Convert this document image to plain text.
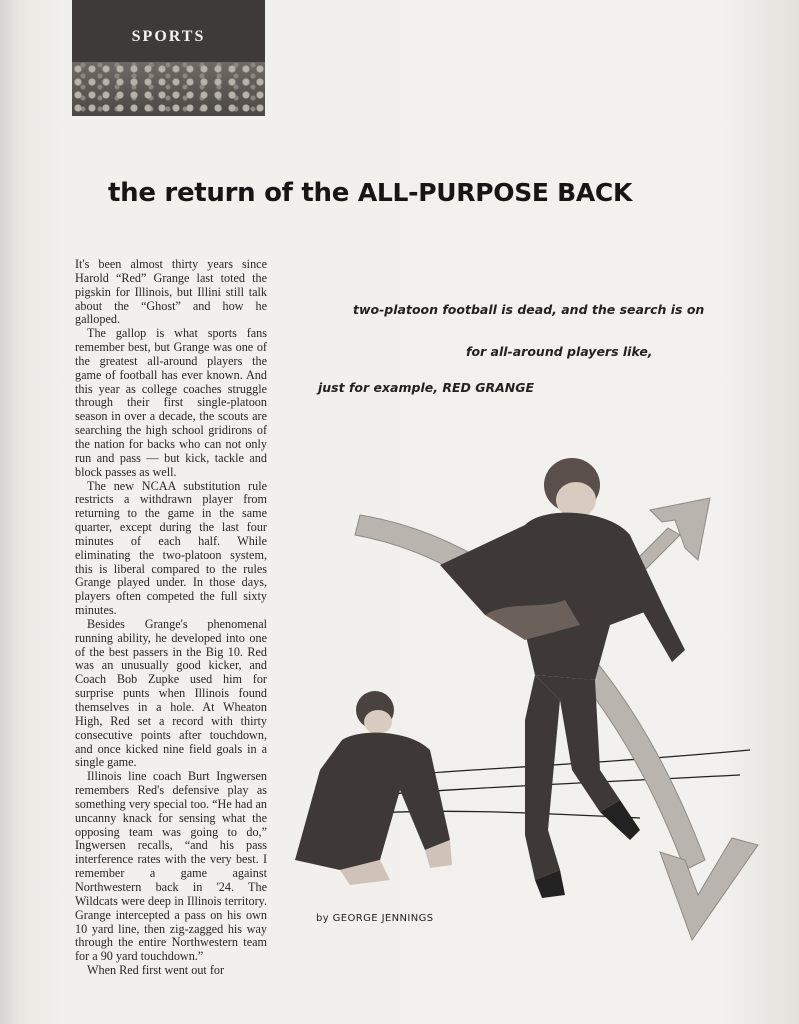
SPORTS
the return of the ALL-PURPOSE BACK

It's been almost thirty years since Harold “Red” Grange last toted the pigskin for Illinois, but Illini still talk about the “Ghost” and how he galloped.

The gallop is what sports fans remember best, but Grange was one of the greatest all-around players the game of football has ever known. And this year as college coaches struggle through their first single-platoon season in over a decade, the scouts are searching the high school gridirons of the nation for backs who can not only run and pass — but kick, tackle and block passes as well.

The new NCAA substitution rule restricts a withdrawn player from returning to the game in the same quarter, except during the last four minutes of each half. While eliminating the two-platoon system, this is liberal compared to the rules Grange played under. In those days, players often competed the full sixty minutes.

Besides Grange's phenomenal running ability, he developed into one of the best passers in the Big 10. Red was an unusually good kicker, and Coach Bob Zupke used him for surprise punts when Illinois found themselves in a hole. At Wheaton High, Red set a record with thirty consecutive points after touchdown, and once kicked nine field goals in a single game.

Illinois line coach Burt Ingwersen remembers Red's defensive play as something very special too. “He had an uncanny knack for sensing what the opposing team was going to do,” Ingwersen recalls, “and his pass interference rates with the very best. I remember a game against Northwestern back in '24. The Wildcats were deep in Illinois territory. Grange intercepted a pass on his own 10 yard line, then zig-zagged his way through the entire Northwestern team for a 90 yard touchdown.”

When Red first went out for

two-platoon football is dead, and the search is on
for all-around players like,
just for example, RED GRANGE
by GEORGE JENNINGS
